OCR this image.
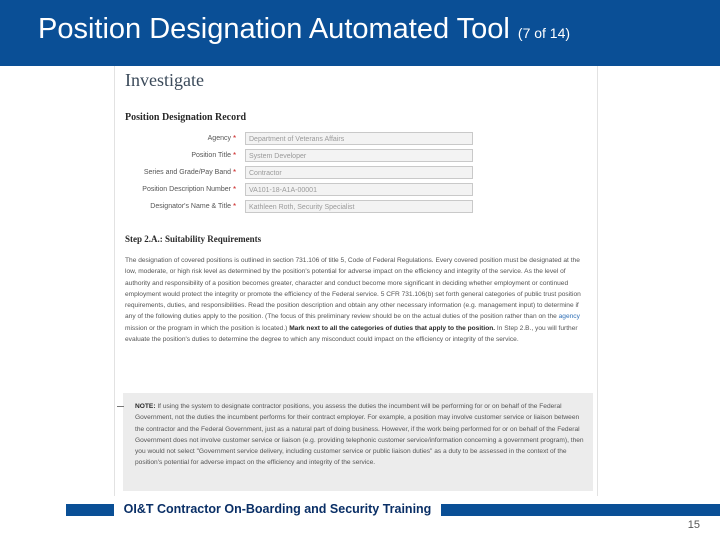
Position Designation Automated Tool (7 of 14)
Investigate
Position Designation Record
Agency *	Department of Veterans Affairs
Position Title *	System Developer
Series and Grade/Pay Band *	Contractor
Position Description Number *	VA101-18-A1A-00001
Designator's Name & Title *	Kathleen Roth, Security Specialist
Step 2.A.: Suitability Requirements

The designation of covered positions is outlined in section 731.106 of title 5, Code of Federal Regulations. Every covered position must be designated at the low, moderate, or high risk level as determined by the position's potential for adverse impact on the efficiency and integrity of the service. As the level of authority and responsibility of a position becomes greater, character and conduct become more significant in deciding whether employment or continued employment would protect the integrity or promote the efficiency of the Federal service. 5 CFR 731.106(b) set forth general categories of public trust position requirements, duties, and responsibilities. Read the position description and obtain any other necessary information (e.g. management input) to determine if any of the following duties apply to the position. (The focus of this preliminary review should be on the actual duties of the position rather than on the agency mission or the program in which the position is located.) Mark next to all the categories of duties that apply to the position. In Step 2.B., you will further evaluate the position's duties to determine the degree to which any misconduct could impact on the efficiency or integrity of the service.

NOTE: If using the system to designate contractor positions, you assess the duties the incumbent will be performing for or on behalf of the Federal Government, not the duties the incumbent performs for their contract employer. For example, a position may involve customer service or liaison between the contractor and the Federal Government, just as a natural part of doing business. However, if the work being performed for or on behalf of the Federal Government does not involve customer service or liaison (e.g. providing telephonic customer service/information concerning a government program), then you would not select "Government service delivery, including customer service or public liaison duties" as a duty to be assessed in the context of the position's potential for adverse impact on the efficiency and integrity of the service.

OI&T Contractor On-Boarding and Security Training
15
